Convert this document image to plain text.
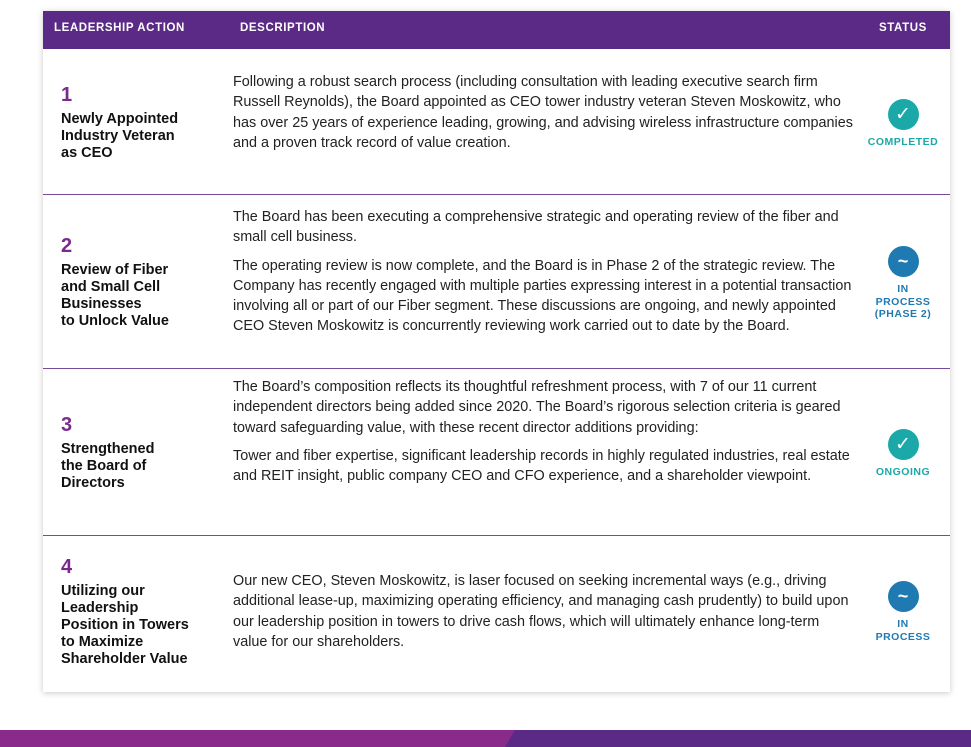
LEADERSHIP ACTION	DESCRIPTION	STATUS
1
Newly Appointed
Industry Veteran
as CEO

Following a robust search process (including consultation with leading executive search firm Russell Reynolds), the Board appointed as CEO tower industry veteran Steven Moskowitz, who has over 25 years of experience leading, growing, and advising wireless infrastructure companies and a proven track record of value creation.

✓
COMPLETED
2
Review of Fiber
and Small Cell
Businesses
to Unlock Value

The Board has been executing a comprehensive strategic and operating review of the fiber and small cell business.

The operating review is now complete, and the Board is in Phase 2 of the strategic review. The Company has recently engaged with multiple parties expressing interest in a potential transaction involving all or part of our Fiber segment. These discussions are ongoing, and newly appointed CEO Steven Moskowitz is concurrently reviewing work carried out to date by the Board.

~
IN
PROCESS
(PHASE 2)
3
Strengthened
the Board of
Directors

The Board’s composition reflects its thoughtful refreshment process, with 7 of our 11 current independent directors being added since 2020. The Board’s rigorous selection criteria is geared toward safeguarding value, with these recent director additions providing:

Tower and fiber expertise, significant leadership records in highly regulated industries, real estate and REIT insight, public company CEO and CFO experience, and a shareholder viewpoint.

✓
ONGOING
4
Utilizing our
Leadership
Position in Towers
to Maximize
Shareholder Value

Our new CEO, Steven Moskowitz, is laser focused on seeking incremental ways (e.g., driving additional lease-up, maximizing operating efficiency, and managing cash prudently) to build upon our leadership position in towers to drive cash flows, which will ultimately enhance long-term value for our shareholders.

~
IN
PROCESS
